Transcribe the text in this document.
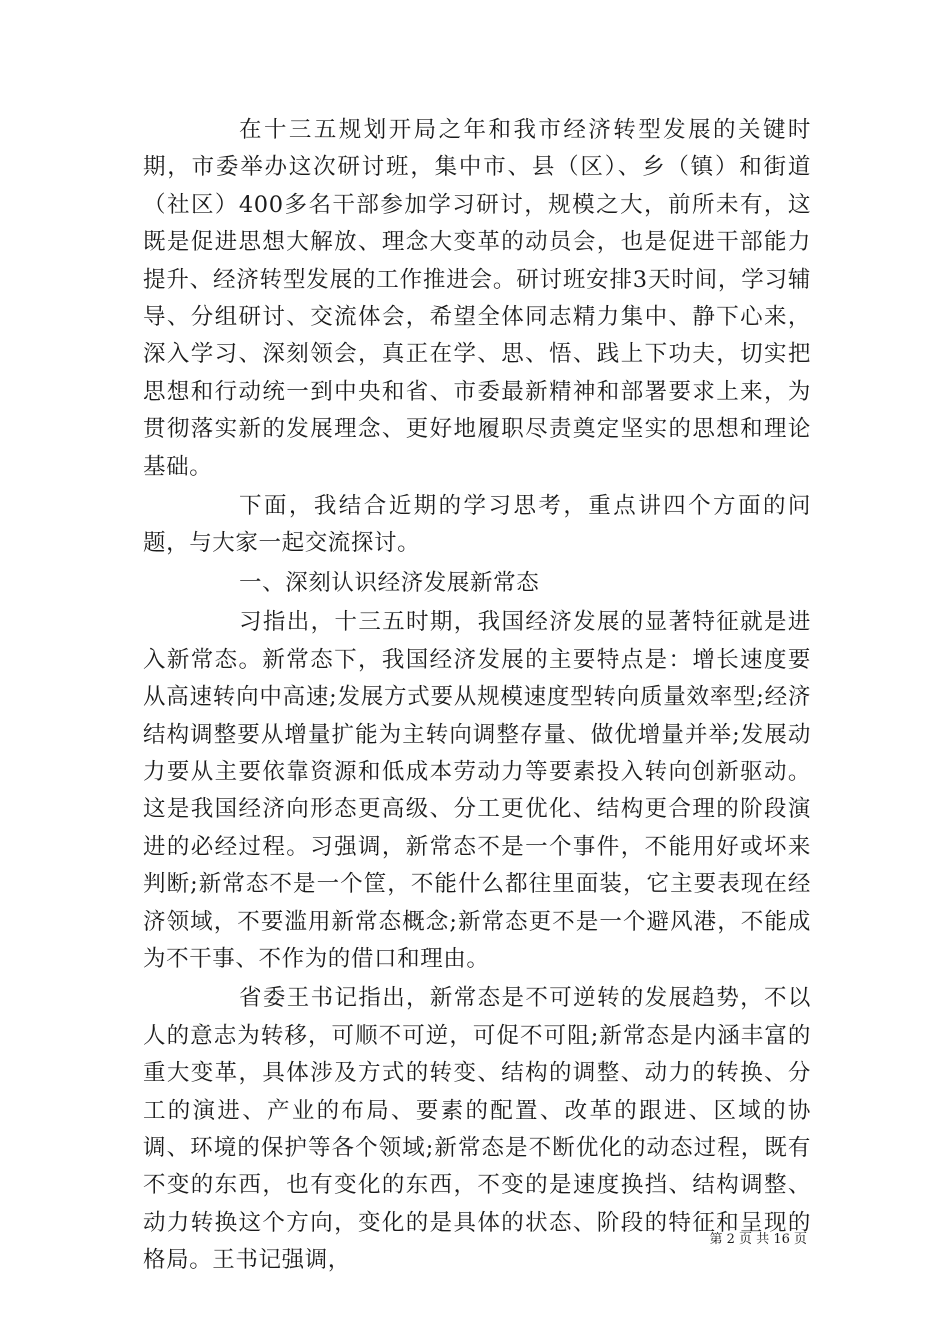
在十三五规划开局之年和我市经济转型发展的关键时期，市委举办这次研讨班，集中市、县（区）、乡（镇）和街道（社区）400多名干部参加学习研讨，规模之大，前所未有，这既是促进思想大解放、理念大变革的动员会，也是促进干部能力提升、经济转型发展的工作推进会。研讨班安排3天时间，学习辅导、分组研讨、交流体会，希望全体同志精力集中、静下心来，深入学习、深刻领会，真正在学、思、悟、践上下功夫，切实把思想和行动统一到中央和省、市委最新精神和部署要求上来，为贯彻落实新的发展理念、更好地履职尽责奠定坚实的思想和理论基础。

下面，我结合近期的学习思考，重点讲四个方面的问题，与大家一起交流探讨。

一、深刻认识经济发展新常态

习指出，十三五时期，我国经济发展的显著特征就是进入新常态。新常态下，我国经济发展的主要特点是：增长速度要从高速转向中高速;发展方式要从规模速度型转向质量效率型;经济结构调整要从增量扩能为主转向调整存量、做优增量并举;发展动力要从主要依靠资源和低成本劳动力等要素投入转向创新驱动。这是我国经济向形态更高级、分工更优化、结构更合理的阶段演进的必经过程。习强调，新常态不是一个事件，不能用好或坏来判断;新常态不是一个筐，不能什么都往里面装，它主要表现在经济领域，不要滥用新常态概念;新常态更不是一个避风港，不能成为不干事、不作为的借口和理由。

省委王书记指出，新常态是不可逆转的发展趋势，不以人的意志为转移，可顺不可逆，可促不可阻;新常态是内涵丰富的重大变革，具体涉及方式的转变、结构的调整、动力的转换、分工的演进、产业的布局、要素的配置、改革的跟进、区域的协调、环境的保护等各个领域;新常态是不断优化的动态过程，既有不变的东西，也有变化的东西，不变的是速度换挡、结构调整、动力转换这个方向，变化的是具体的状态、阶段的特征和呈现的格局。王书记强调，

第 2 页 共 16 页
